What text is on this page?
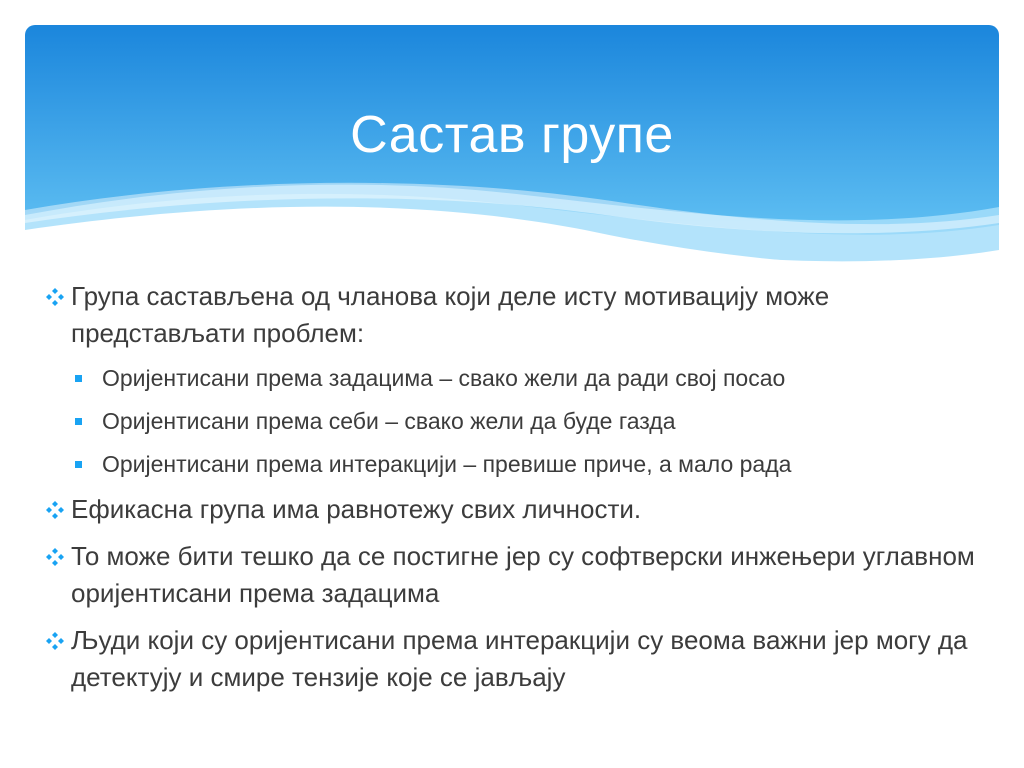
Састав групе
Група састављена од чланова који деле исту мотивацију може представљати проблем:
Оријентисани према задацима – свако жели да ради свој посао
Оријентисани према себи – свако жели да буде газда
Оријентисани према интеракцији – превише приче, а мало рада
Ефикасна група има равнотежу свих личности.
То може бити тешко да се постигне јер су софтверски инжењери углавном оријентисани према задацима
Људи који су оријентисани према интеракцији су веома важни јер могу да детектују и смире тензије које се јављају
